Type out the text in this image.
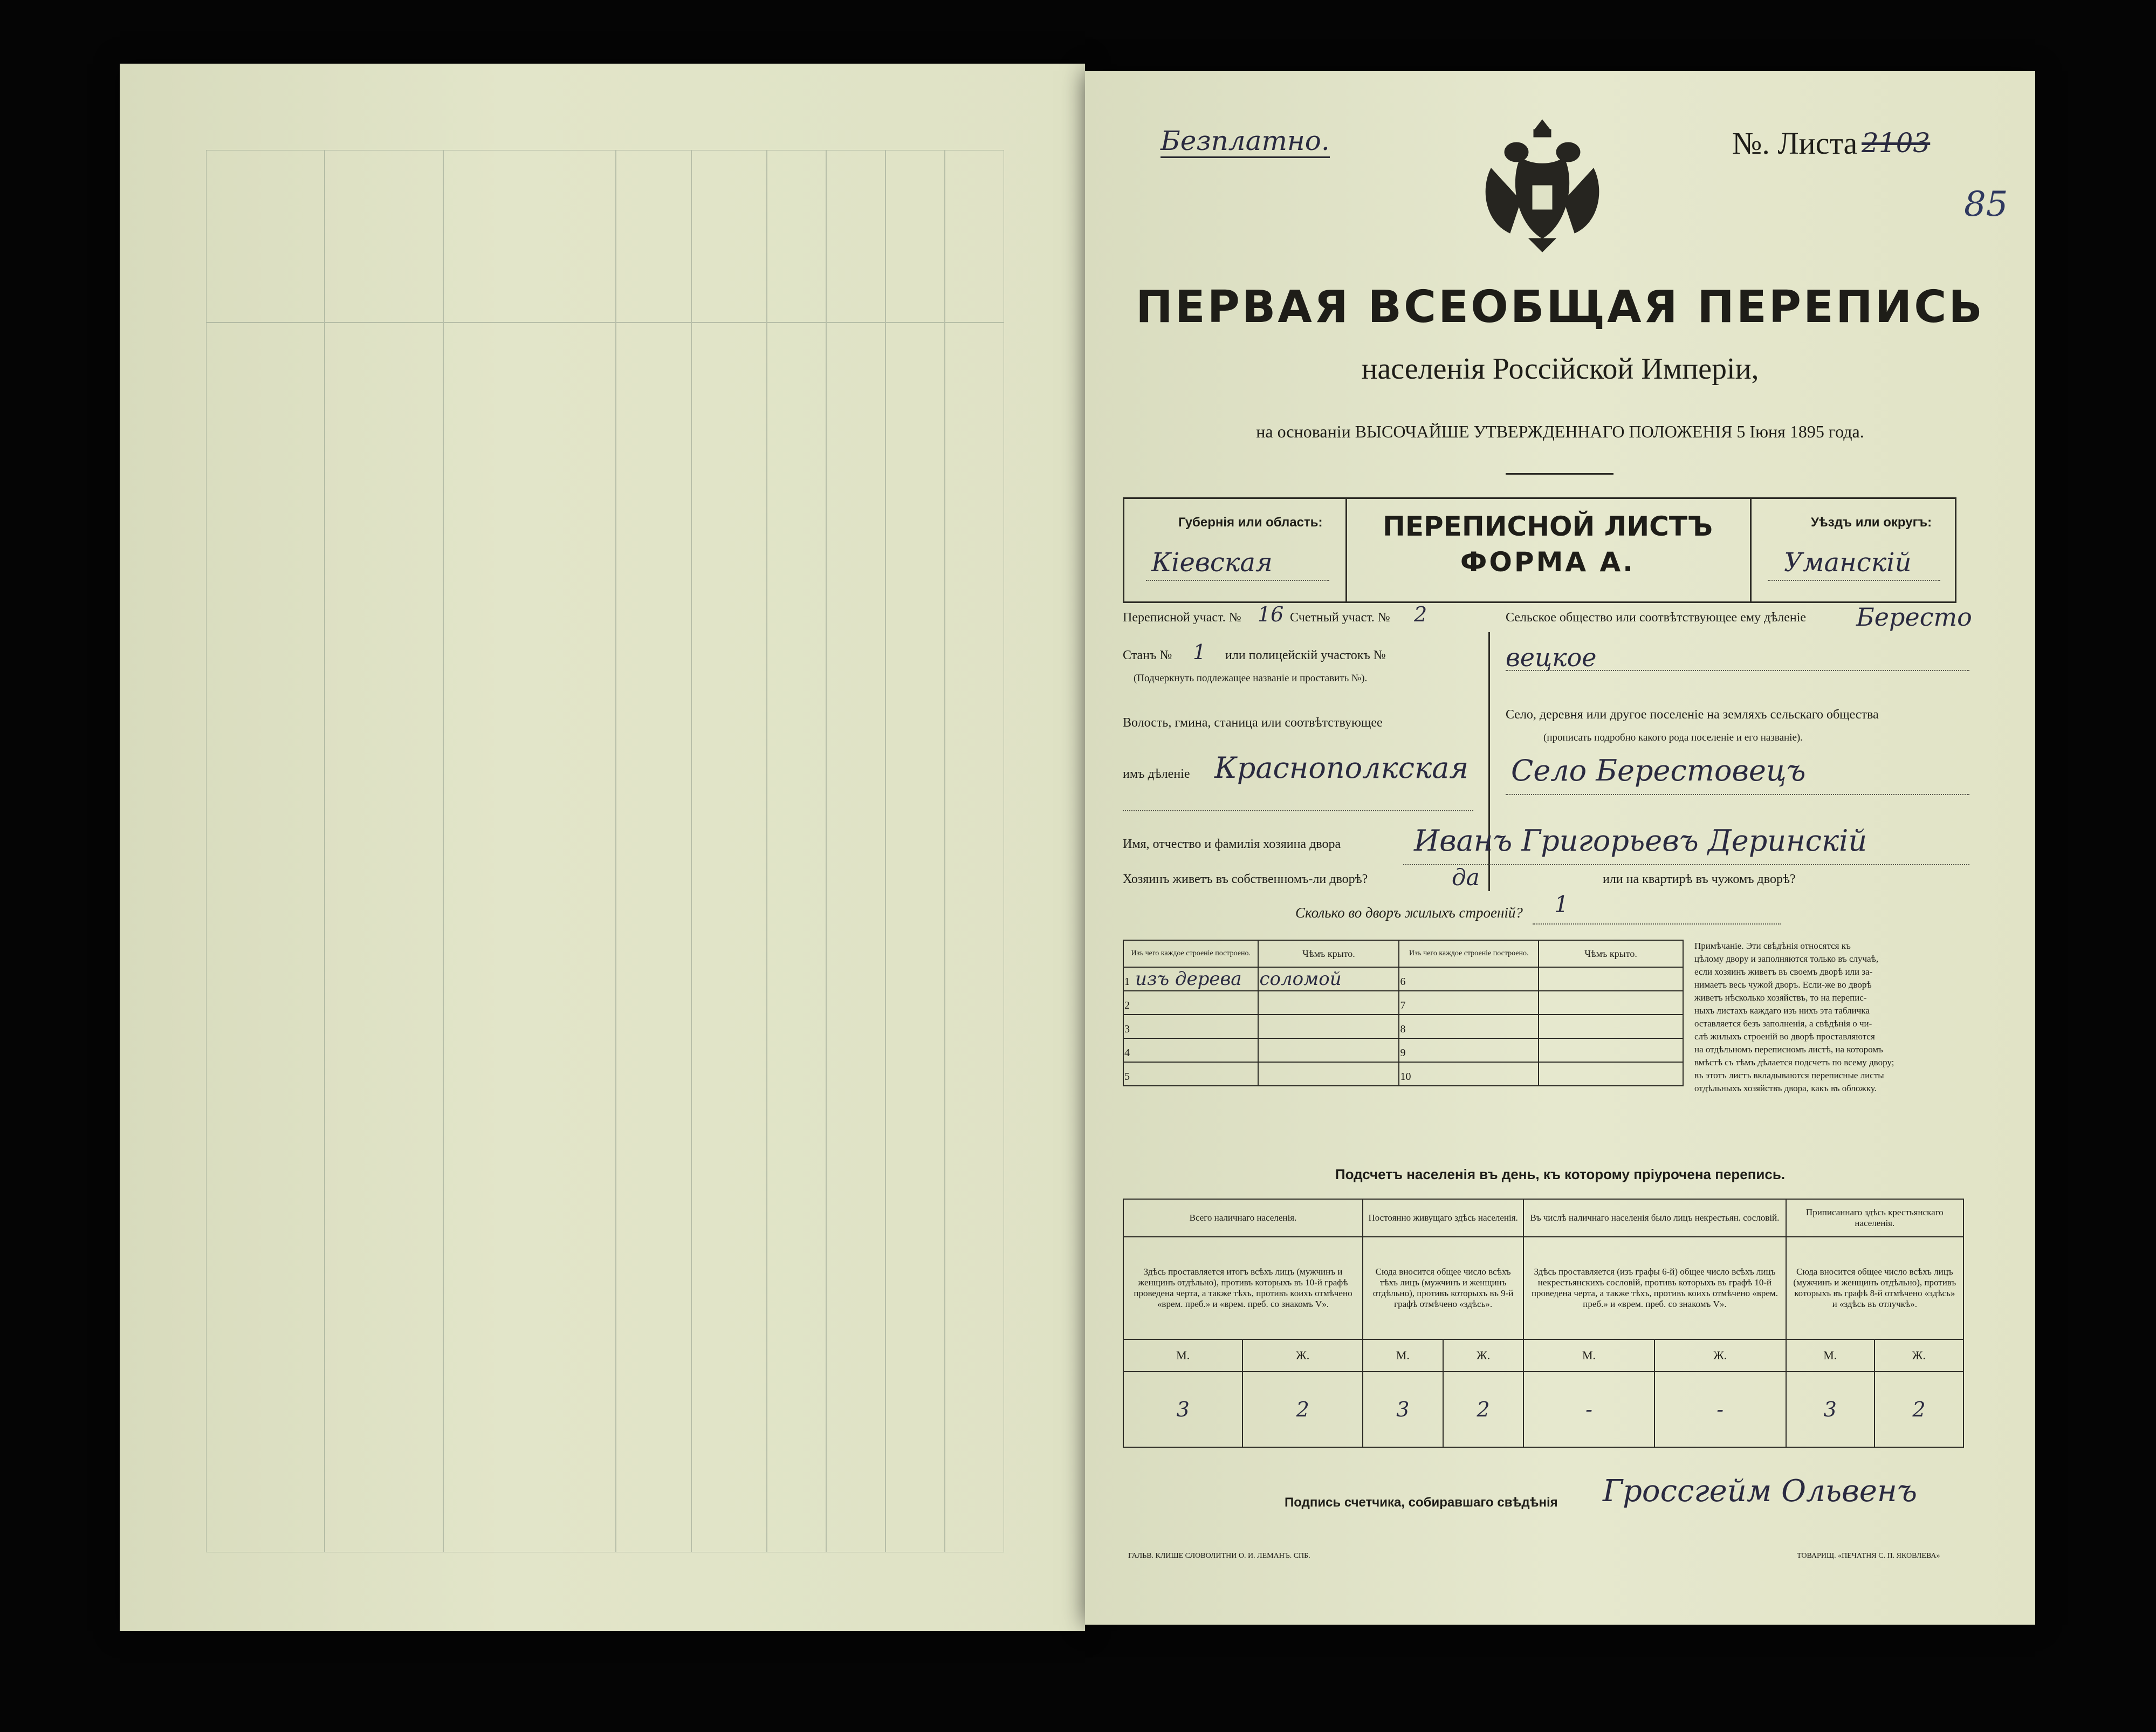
Безплатно.	№. Листа 2103
85
ПЕРВАЯ ВСЕОБЩАЯ ПЕРЕПИСЬ
населенія Россійской Имперіи,
на основаніи ВЫСОЧАЙШЕ УТВЕРЖДЕННАГО ПОЛОЖЕНІЯ 5 Іюня 1895 года.
Губернія или область:
Кіевская
ПЕРЕПИСНОЙ ЛИСТЪ
ФОРМА А.
Уѣздъ или округъ:
Уманскій
Переписной участ. № 16 Счетный участ. № 2
Станъ № 1 или полицейскій участокъ №
(Подчеркнуть подлежащее названіе и проставить №).
Волость, гмина, станица или соотвѣтствующее
имъ дѣленіе Краснополкская
Сельское общество или соотвѣтствующее ему дѣленіе Бересто
вецкое
Село, деревня или другое поселеніе на земляхъ сельскаго общества
(прописать подробно какого рода поселеніе и его названіе).
Село Берестовецъ
Имя, отчество и фамилія хозяина двора	Иванъ Григорьевъ Деринскій
Хозяинъ живетъ въ собственномъ-ли дворѣ?	да	или на квартирѣ въ чужомъ дворѣ?
Сколько во дворъ жилыхъ строеній? 1
Изъ чего каждое строеніе построено.	Чѣмъ крыто.	Изъ чего каждое строеніе построено.	Чѣмъ крыто.
1 изъ дерева	соломой	6	
2		7	
3		8	
4		9	
5		10	
Примѣчаніе. Эти свѣдѣнія относятся къ
цѣлому двору и заполняются только въ случаѣ,
если хозяинъ живетъ въ своемъ дворѣ или за-
нимаетъ весь чужой дворъ. Если-же во дворѣ
живетъ нѣсколько хозяйствъ, то на перепис-
ныхъ листахъ каждаго изъ нихъ эта табличка
оставляется безъ заполненія, а свѣдѣнія о чи-
слѣ жилыхъ строеній во дворѣ проставляются
на отдѣльномъ переписномъ листѣ, на которомъ
вмѣстѣ съ тѣмъ дѣлается подсчетъ по всему двору;
въ этотъ листъ вкладываются переписные листы
отдѣльныхъ хозяйствъ двора, какъ въ обложку.
Подсчетъ населенія въ день, къ которому пріурочена перепись.
Всего наличнаго населенія.		Постоянно живущаго здѣсь населенія.		Въ числѣ наличнаго населенія было лицъ некрестьян. сословій.		Приписаннаго здѣсь крестьянскаго населенія.	
Здѣсь проставляется итогъ всѣхъ лицъ (мужчинъ и женщинъ отдѣльно), противъ которыхъ въ 10-й графѣ проведена черта, а также тѣхъ, противъ коихъ отмѣчено «врем. преб.» и «врем. преб. со знакомъ V».		Сюда вносится общее число всѣхъ тѣхъ лицъ (мужчинъ и женщинъ отдѣльно), противъ которыхъ въ 9-й графѣ отмѣчено «здѣсь».		Здѣсь проставляется (изъ графы 6-й) общее число всѣхъ лицъ некрестьянскихъ сословій, противъ которыхъ въ графѣ 10-й проведена черта, а также тѣхъ, противъ коихъ отмѣчено «врем. преб.» и «врем. преб. со знакомъ V».		Сюда вносится общее число всѣхъ лицъ (мужчинъ и женщинъ отдѣльно), противъ которыхъ въ графѣ 8-й отмѣчено «здѣсь» и «здѣсь въ отлучкѣ».	
М.	Ж.	М.	Ж.	М.	Ж.	М.	Ж.
3	2	3	2	-	-	3	2
Подпись счетчика, собиравшаго свѣдѣнія Гроссгейм Ольвенъ
ГАЛЬВ. КЛИШЕ СЛОВОЛИТНИ О. И. ЛЕМАНЪ. СПБ.	ТОВАРИЩ. «ПЕЧАТНЯ С. П. ЯКОВЛЕВА»
